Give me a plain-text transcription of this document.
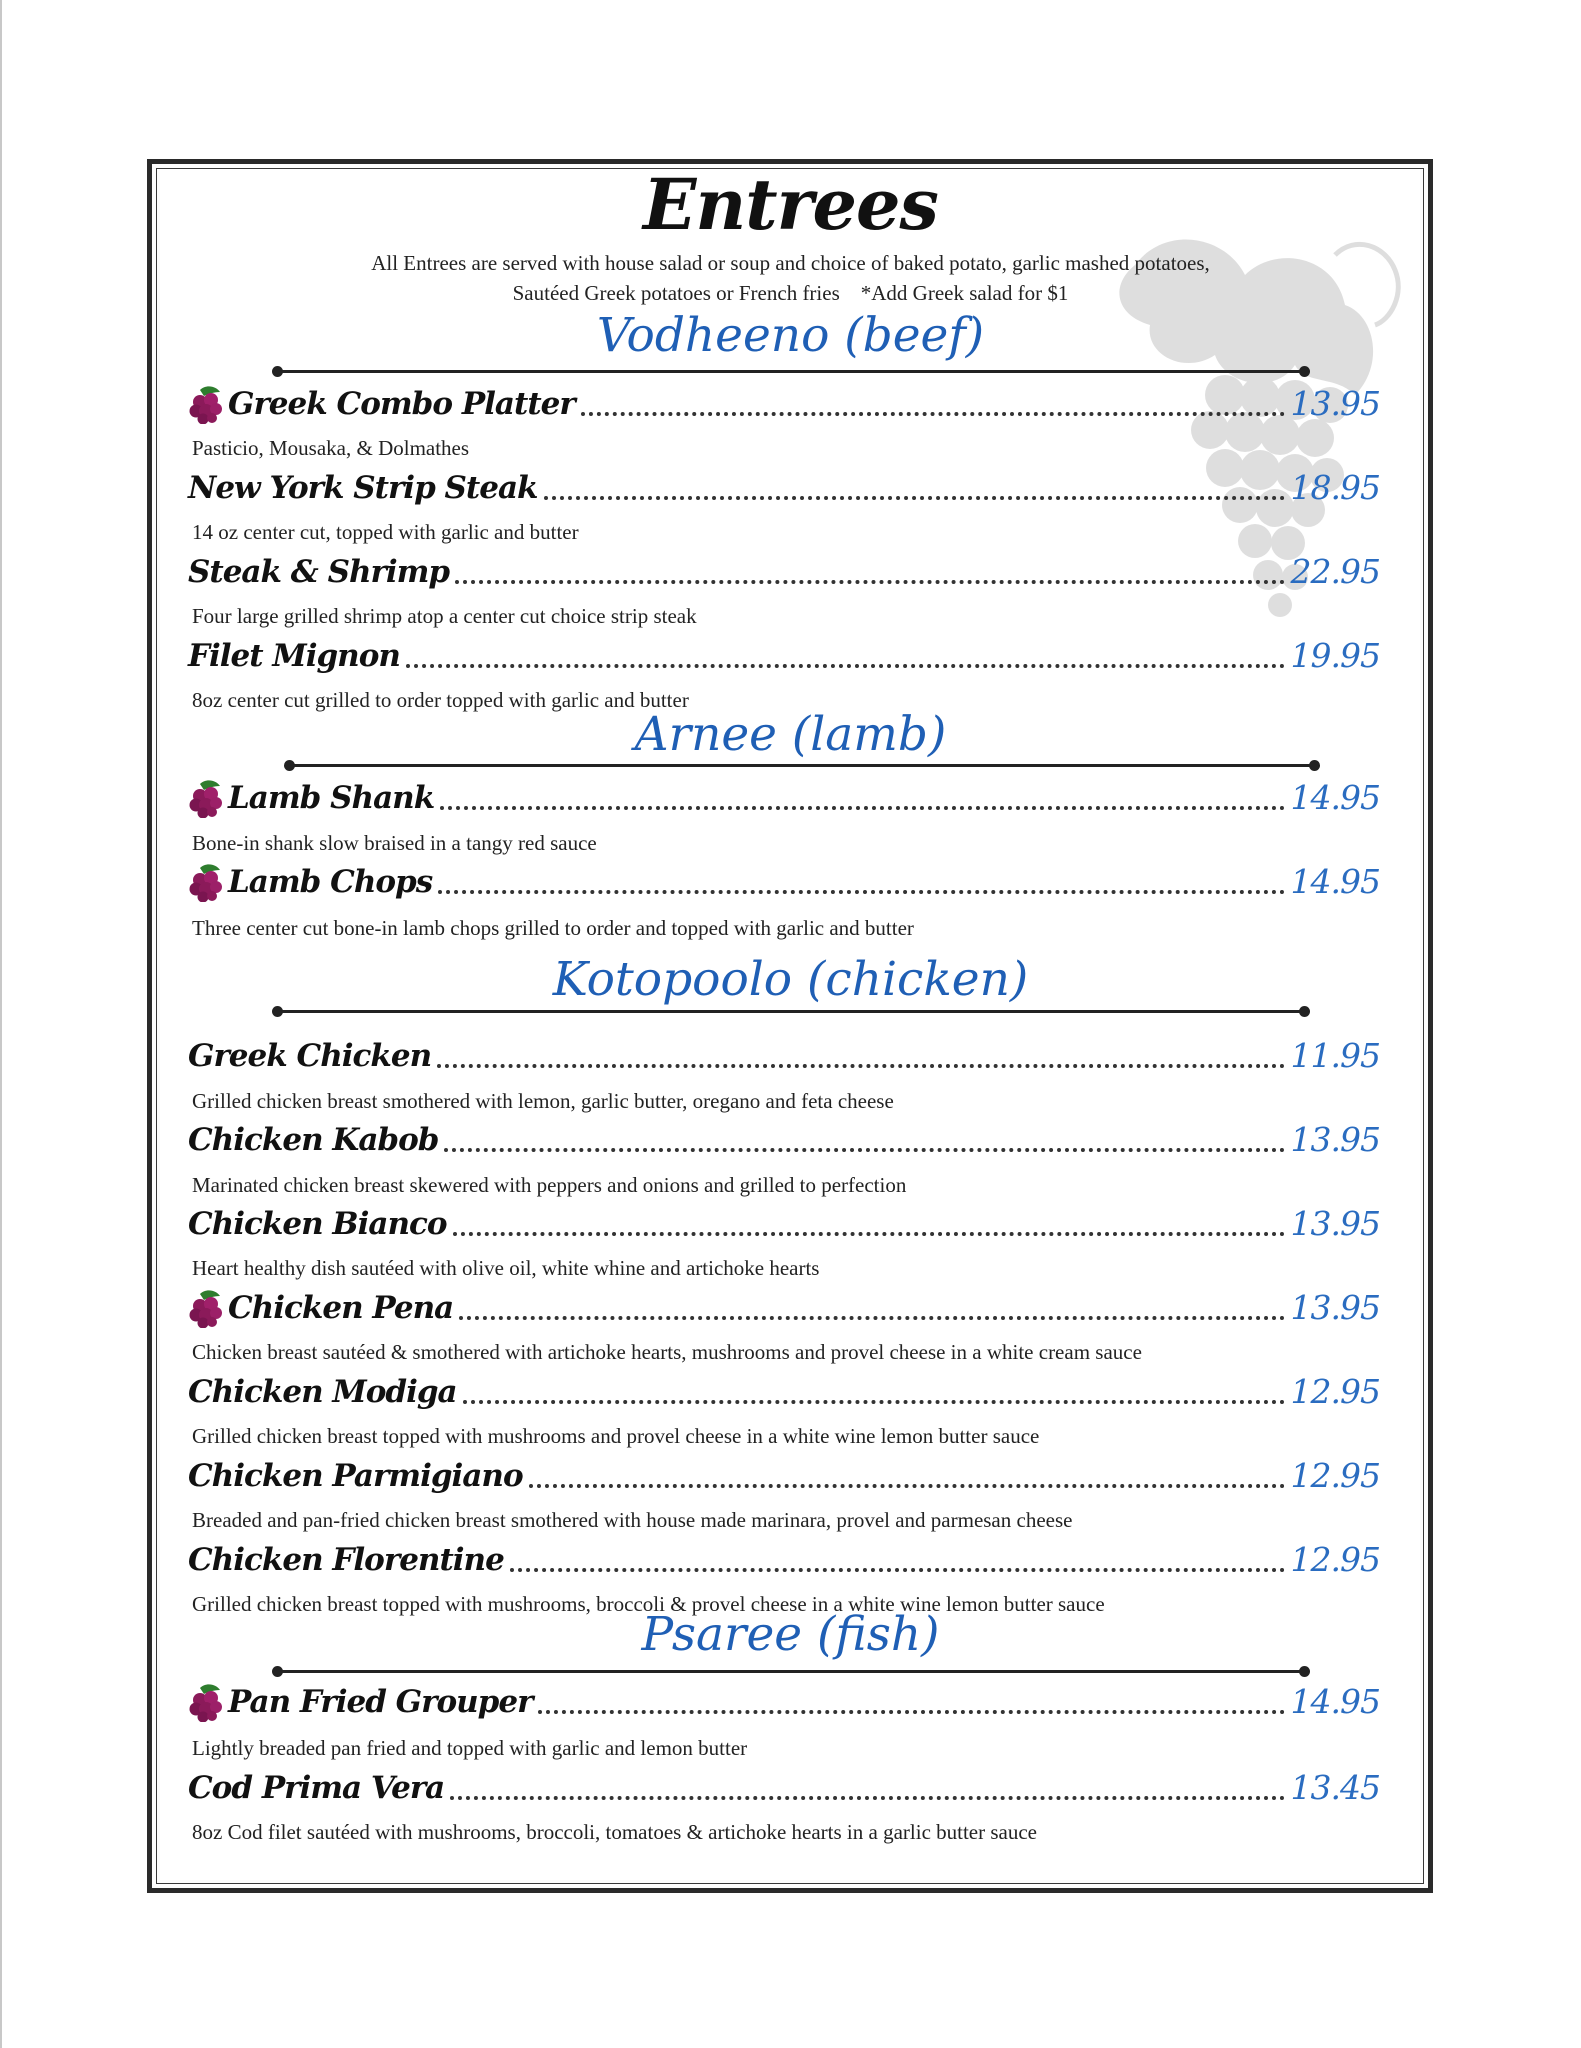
Entrees
All Entrees are served with house salad or soup and choice of baked potato, garlic mashed potatoes,
Sautéed Greek potatoes or French fries    *Add Greek salad for $1
Vodheeno (beef)
Greek Combo Platter	13.95
Pasticio, Mousaka, & Dolmathes
New York Strip Steak	18.95
14 oz center cut, topped with garlic and butter
Steak & Shrimp	22.95
Four large grilled shrimp atop a center cut choice strip steak
Filet Mignon	19.95
8oz center cut grilled to order topped with garlic and butter
Arnee (lamb)
Lamb Shank	14.95
Bone-in shank slow braised in a tangy red sauce
Lamb Chops	14.95
Three center cut bone-in lamb chops grilled to order and topped with garlic and butter
Kotopoolo (chicken)
Greek Chicken	11.95
Grilled chicken breast smothered with lemon, garlic butter, oregano and feta cheese
Chicken Kabob	13.95
Marinated chicken breast skewered with peppers and onions and grilled to perfection
Chicken Bianco	13.95
Heart healthy dish sautéed with olive oil, white whine and artichoke hearts
Chicken Pena	13.95
Chicken breast sautéed & smothered with artichoke hearts, mushrooms and provel cheese in a white cream sauce
Chicken Modiga	12.95
Grilled chicken breast topped with mushrooms and provel cheese in a white wine lemon butter sauce
Chicken Parmigiano	12.95
Breaded and pan-fried chicken breast smothered with house made marinara, provel and parmesan cheese
Chicken Florentine	12.95
Grilled chicken breast topped with mushrooms, broccoli & provel cheese in a white wine lemon butter sauce
Psaree (fish)
Pan Fried Grouper	14.95
Lightly breaded pan fried and topped with garlic and lemon butter
Cod Prima Vera	13.45
8oz Cod filet sautéed with mushrooms, broccoli, tomatoes & artichoke hearts in a garlic butter sauce
